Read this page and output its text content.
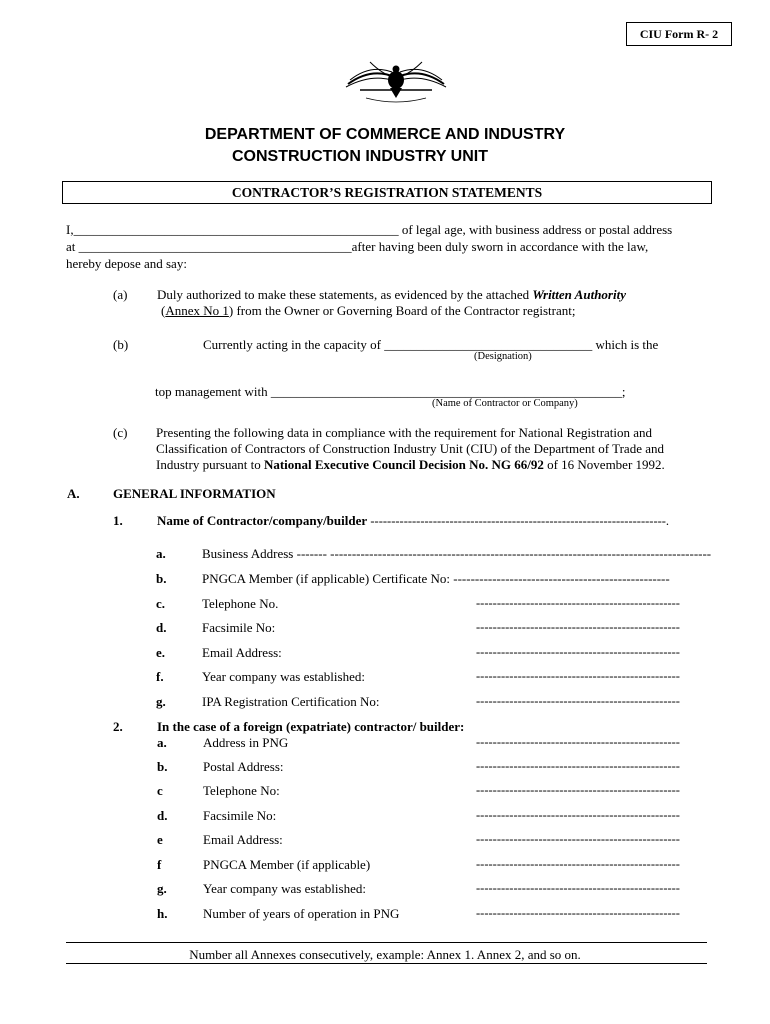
CIU Form R- 2
DEPARTMENT OF COMMERCE AND INDUSTRY
CONSTRUCTION INDUSTRY UNIT
CONTRACTOR’S REGISTRATION STATEMENTS
I,__________________________________________________ of legal age, with business address or postal address
at __________________________________________after having been duly sworn in accordance with the law,
hereby depose and say:
(a) Duly authorized to make these statements, as evidenced by the attached Written Authority
(Annex No 1) from the Owner or Governing Board of the Contractor registrant;
(b)	Currently acting in the capacity of ________________________________ which is the
(Designation)
top management with ______________________________________________________;
(Name of Contractor or Company)
(c) Presenting the following data in compliance with the requirement for National Registration and
Classification of Contractors of Construction Industry Unit (CIU) of the Department of Trade and
Industry pursuant to National Executive Council Decision No. NG 66/92 of 16 November 1992.
A.	GENERAL INFORMATION
1.	Name of Contractor/company/builder -----------------------------------------------------------------------.
a.	Business Address ------- ----------------------------------------------------------------------------------------
b.	PNGCA Member (if applicable) Certificate No: --------------------------------------------------
c.	Telephone No.	-------------------------------------------------
d.	Facsimile No:	-------------------------------------------------
e.	Email Address:	-------------------------------------------------
f.	Year company was established:	-------------------------------------------------
g.	IPA Registration Certification No:	-------------------------------------------------
2.	In the case of a foreign (expatriate) contractor/ builder:
a.	Address in PNG	-------------------------------------------------
b.	Postal Address:	-------------------------------------------------
c	Telephone No:	-------------------------------------------------
d.	Facsimile No:	-------------------------------------------------
e	Email Address:	-------------------------------------------------
f	PNGCA Member (if applicable)	-------------------------------------------------
g.	Year company was established:	-------------------------------------------------
h.	Number of years of operation in PNG	-------------------------------------------------
Number all Annexes consecutively, example: Annex 1. Annex 2, and so on.
